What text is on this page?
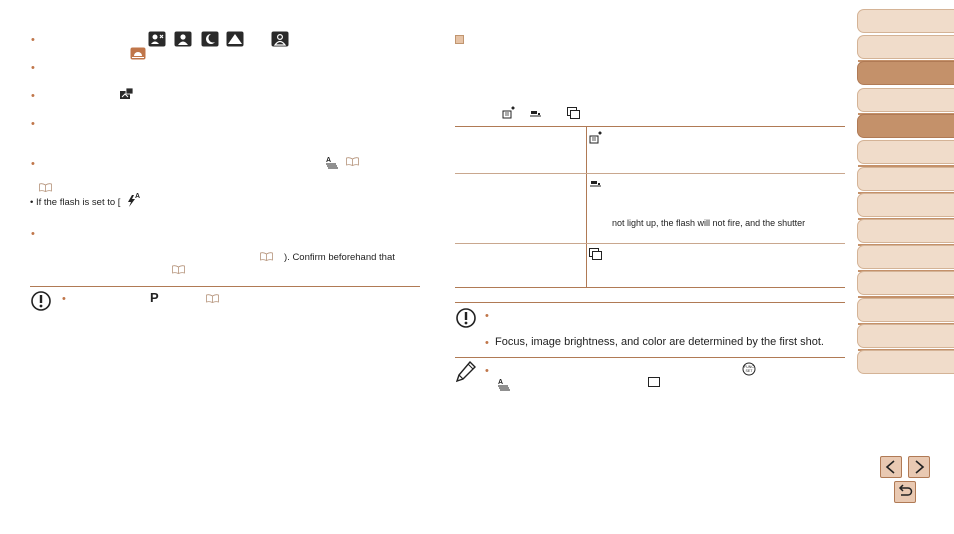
•
•
•
•
•	A
• If the flash is set to [
A
•
). Confirm beforehand that
•	P
not light up, the flash will not fire, and the shutter
•
• Focus, image brightness, and color are determined by the first shot.
•	FUNC
SET
A
